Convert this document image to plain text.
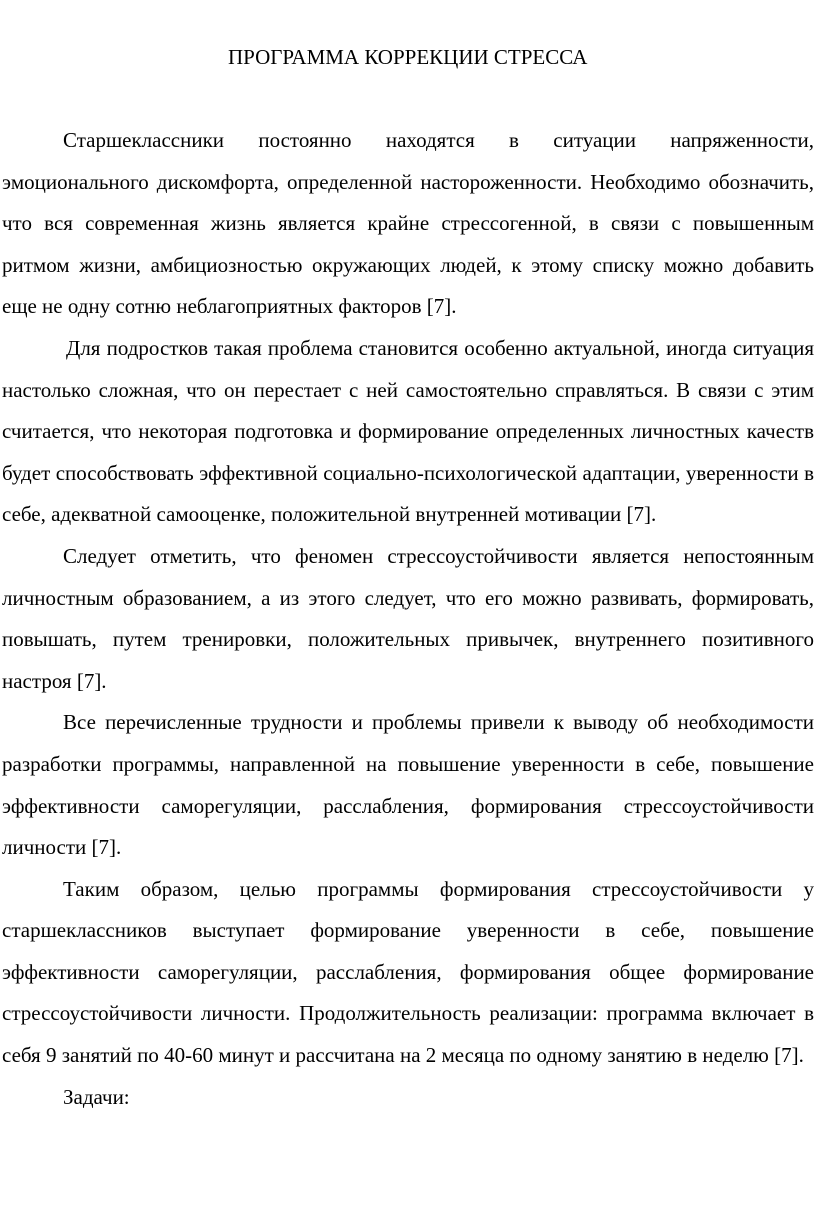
ПРОГРАММА КОРРЕКЦИИ СТРЕССА

Старшеклассники постоянно находятся в ситуации напряженности, эмоционального дискомфорта, определенной настороженности. Необходимо обозначить, что вся современная жизнь является крайне стрессогенной, в связи с повышенным ритмом жизни, амбициозностью окружающих людей, к этому списку можно добавить еще не одну сотню неблагоприятных факторов [7].

Для подростков такая проблема становится особенно актуальной, иногда ситуация настолько сложная, что он перестает с ней самостоятельно справляться. В связи с этим считается, что некоторая подготовка и формирование определенных личностных качеств будет способствовать эффективной социально-психологической адаптации, уверенности в себе, адекватной самооценке, положительной внутренней мотивации [7].

Следует отметить, что феномен стрессоустойчивости является непостоянным личностным образованием, а из этого следует, что его можно развивать, формировать, повышать, путем тренировки, положительных привычек, внутреннего позитивного настроя [7].

Все перечисленные трудности и проблемы привели к выводу об необходимости разработки программы, направленной на повышение уверенности в себе, повышение эффективности саморегуляции, расслабления, формирования стрессоустойчивости личности [7].

Таким образом, целью программы формирования стрессоустойчивости у старшеклассников выступает формирование уверенности в себе, повышение эффективности саморегуляции, расслабления, формирования общее формирование стрессоустойчивости личности. Продолжительность реализации: программа включает в себя 9 занятий по 40-60 минут и рассчитана на 2 месяца по одному занятию в неделю [7].

Задачи:
